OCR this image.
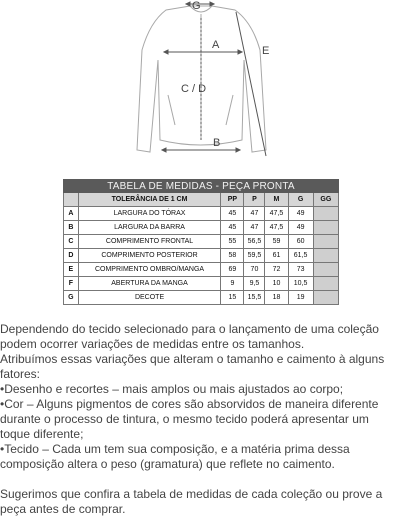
G
A
C / D
E
B
TABELA DE MEDIDAS - PEÇA PRONTA						
	TOLERÂNCIA DE 1 CM	PP	P	M	G	GG
A	LARGURA DO TÓRAX	45	47	47,5	49	
B	LARGURA DA BARRA	45	47	47,5	49	
C	COMPRIMENTO FRONTAL	55	56,5	59	60	
D	COMPRIMENTO POSTERIOR	58	59,5	61	61,5	
E	COMPRIMENTO OMBRO/MANGA	69	70	72	73	
F	ABERTURA DA MANGA	9	9,5	10	10,5	
G	DECOTE	15	15,5	18	19	

Dependendo do tecido selecionado para o lançamento de uma coleção

podem ocorrer variações de medidas entre os tamanhos.

Atribuímos essas variações que alteram o tamanho e caimento à alguns

fatores:

•Desenho e recortes – mais amplos ou mais ajustados ao corpo;

•Cor – Alguns pigmentos de cores são absorvidos de maneira diferente

durante o processo de tintura, o mesmo tecido poderá apresentar um

toque diferente;

•Tecido – Cada um tem sua composição, e a matéria prima dessa

composição altera o peso (gramatura) que reflete no caimento.

Sugerimos que confira a tabela de medidas de cada coleção ou prove a

peça antes de comprar.
